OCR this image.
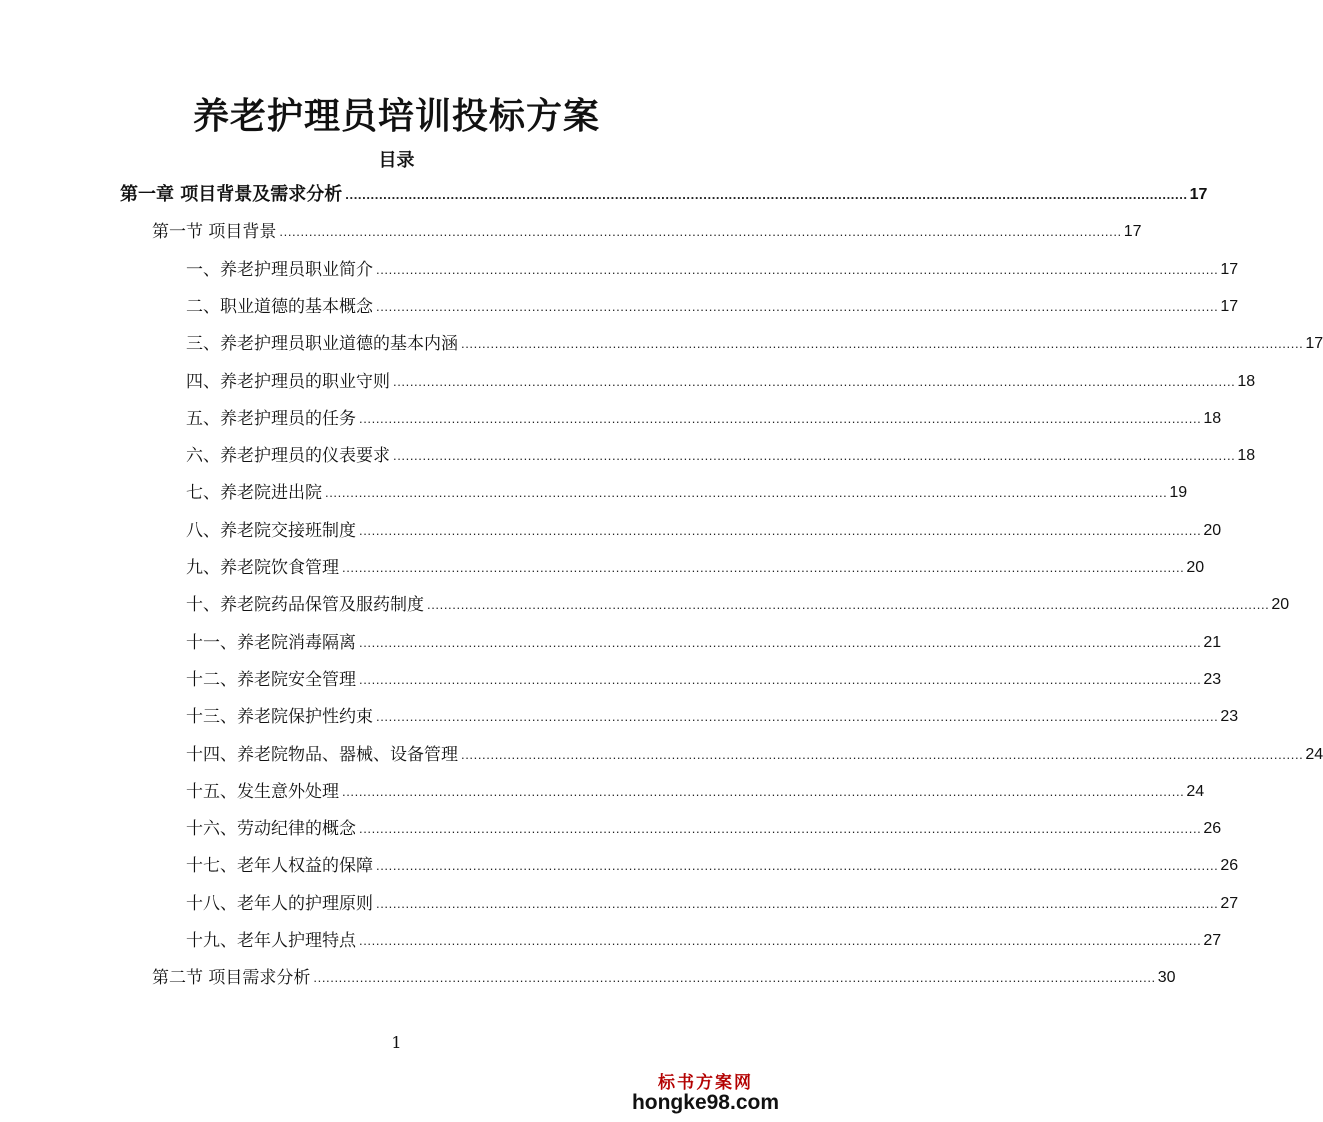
养老护理员培训投标方案
目录
第一章 项目背景及需求分析 ........................................................................................................................................................................................................ 17
第一节 项目背景 ........................................................................................................................................................................................................ 17
一、养老护理员职业简介 ........................................................................................................................................................................................................ 17
二、职业道德的基本概念 ........................................................................................................................................................................................................ 17
三、养老护理员职业道德的基本内涵 ........................................................................................................................................................................................................ 17
四、养老护理员的职业守则 ........................................................................................................................................................................................................ 18
五、养老护理员的任务 ........................................................................................................................................................................................................ 18
六、养老护理员的仪表要求 ........................................................................................................................................................................................................ 18
七、养老院进出院 ........................................................................................................................................................................................................ 19
八、养老院交接班制度 ........................................................................................................................................................................................................ 20
九、养老院饮食管理 ........................................................................................................................................................................................................ 20
十、养老院药品保管及服药制度 ........................................................................................................................................................................................................ 20
十一、养老院消毒隔离 ........................................................................................................................................................................................................ 21
十二、养老院安全管理 ........................................................................................................................................................................................................ 23
十三、养老院保护性约束 ........................................................................................................................................................................................................ 23
十四、养老院物品、器械、设备管理 ........................................................................................................................................................................................................ 24
十五、发生意外处理 ........................................................................................................................................................................................................ 24
十六、劳动纪律的概念 ........................................................................................................................................................................................................ 26
十七、老年人权益的保障 ........................................................................................................................................................................................................ 26
十八、老年人的护理原则 ........................................................................................................................................................................................................ 27
十九、老年人护理特点 ........................................................................................................................................................................................................ 27
第二节 项目需求分析 ........................................................................................................................................................................................................ 30
1
标书方案网
hongke98.com
